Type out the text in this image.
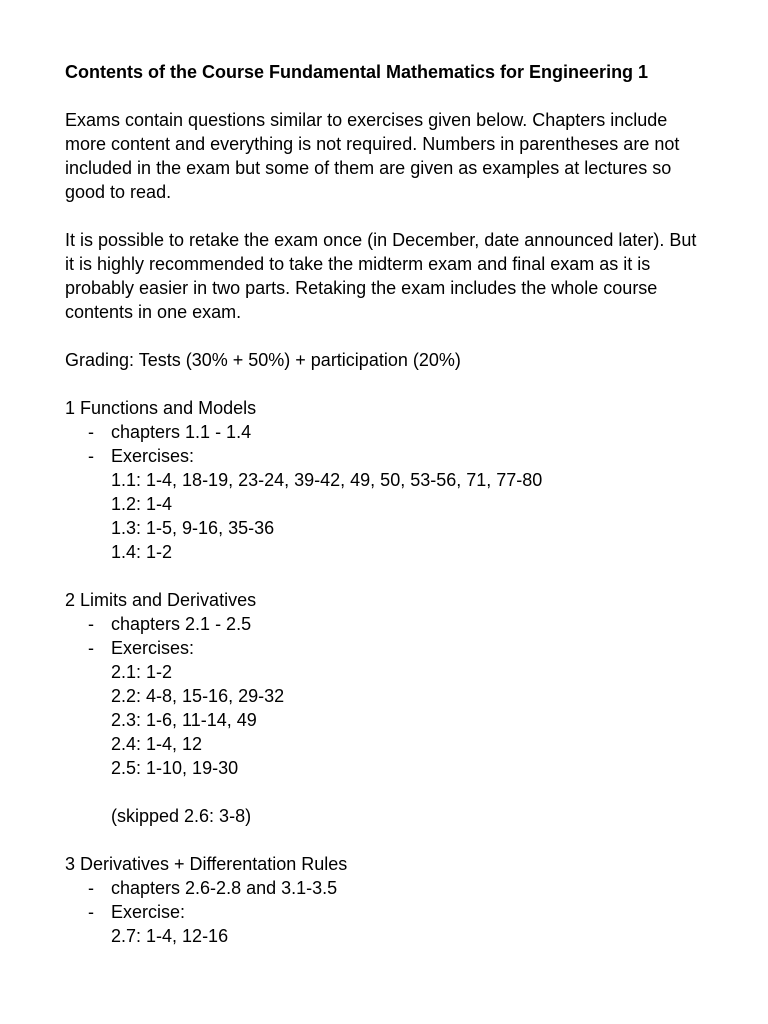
Contents of the Course Fundamental Mathematics for Engineering 1

Exams contain questions similar to exercises given below. Chapters include more content and everything is not required. Numbers in parentheses are not included in the exam but some of them are given as examples at lectures so good to read.

It is possible to retake the exam once (in December, date announced later). But it is highly recommended to take the midterm exam and final exam as it is probably easier in two parts. Retaking the exam includes the whole course contents in one exam.

Grading: Tests (30% + 50%) + participation (20%)

1 Functions and Models

- chapters 1.1 - 1.4
- Exercises:
1.1: 1-4, 18-19, 23-24, 39-42, 49, 50, 53-56, 71, 77-80
1.2: 1-4
1.3: 1-5, 9-16, 35-36
1.4: 1-2

2 Limits and Derivatives

- chapters 2.1 - 2.5
- Exercises:
2.1: 1-2
2.2: 4-8, 15-16, 29-32
2.3: 1-6, 11-14, 49
2.4: 1-4, 12
2.5: 1-10, 19-30
(skipped 2.6: 3-8)

3 Derivatives + Differentation Rules

- chapters 2.6-2.8 and 3.1-3.5
- Exercise:
2.7: 1-4, 12-16
